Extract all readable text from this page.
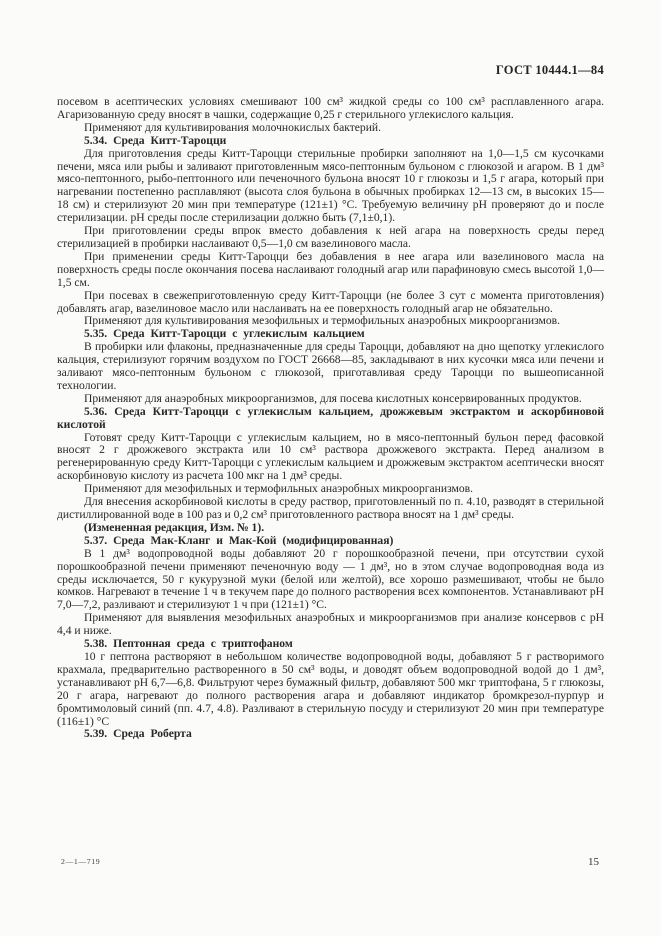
ГОСТ 10444.1—84

посевом в асептических условиях смешивают 100 см³ жидкой среды со 100 см³ расплавленного агара. Агаризованную среду вносят в чашки, содержащие 0,25 г стерильного углекислого кальция.

Применяют для культивирования молочнокислых бактерий.

5.34. Среда Китт-Тароцци

Для приготовления среды Китт-Тароцци стерильные пробирки заполняют на 1,0—1,5 см кусочками печени, мяса или рыбы и заливают приготовленным мясо-пептонным бульоном с глюкозой и агаром. В 1 дм³ мясо-пептонного, рыбо-пептонного или печеночного бульона вносят 10 г глюкозы и 1,5 г агара, который при нагревании постепенно расплавляют (высота слоя бульона в обычных пробирках 12—13 см, в высоких 15—18 см) и стерилизуют 20 мин при температуре (121±1) °С. Требуемую величину pH проверяют до и после стерилизации. pH среды после стерилизации должно быть (7,1±0,1).

При приготовлении среды впрок вместо добавления к ней агара на поверхность среды перед стерилизацией в пробирки наслаивают 0,5—1,0 см вазелинового масла.

При применении среды Китт-Тароцци без добавления в нее агара или вазелинового масла на поверхность среды после окончания посева наслаивают голодный агар или парафиновую смесь высотой 1,0—1,5 см.

При посевах в свежеприготовленную среду Китт-Тароцци (не более 3 сут с момента приготовления) добавлять агар, вазелиновое масло или наслаивать на ее поверхность голодный агар не обязательно.

Применяют для культивирования мезофильных и термофильных анаэробных микроорганизмов.

5.35. Среда Китт-Тароцци с углекислым кальцием

В пробирки или флаконы, предназначенные для среды Тароцци, добавляют на дно щепотку углекислого кальция, стерилизуют горячим воздухом по ГОСТ 26668—85, закладывают в них кусочки мяса или печени и заливают мясо-пептонным бульоном с глюкозой, приготавливая среду Тароцци по вышеописанной технологии.

Применяют для анаэробных микроорганизмов, для посева кислотных консервированных продуктов.

5.36. Среда Китт-Тароцци с углекислым кальцием, дрожжевым экстрактом и аскорбиновой кислотой

Готовят среду Китт-Тароцци с углекислым кальцием, но в мясо-пептонный бульон перед фасовкой вносят 2 г дрожжевого экстракта или 10 см³ раствора дрожжевого экстракта. Перед анализом в регенерированную среду Китт-Тароцци с углекислым кальцием и дрожжевым экстрактом асептически вносят аскорбиновую кислоту из расчета 100 мкг на 1 дм³ среды.

Применяют для мезофильных и термофильных анаэробных микроорганизмов.

Для внесения аскорбиновой кислоты в среду раствор, приготовленный по п. 4.10, разводят в стерильной дистиллированной воде в 100 раз и 0,2 см³ приготовленного раствора вносят на 1 дм³ среды.

(Измененная редакция, Изм. № 1).

5.37. Среда Мак-Кланг и Мак-Кой (модифицированная)

В 1 дм³ водопроводной воды добавляют 20 г порошкообразной печени, при отсутствии сухой порошкообразной печени применяют печеночную воду — 1 дм³, но в этом случае водопроводная вода из среды исключается, 50 г кукурузной муки (белой или желтой), все хорошо размешивают, чтобы не было комков. Нагревают в течение 1 ч в текучем паре до полного растворения всех компонентов. Устанавливают pH 7,0—7,2, разливают и стерилизуют 1 ч при (121±1) °С.

Применяют для выявления мезофильных анаэробных и микроорганизмов при анализе консервов с pH 4,4 и ниже.

5.38. Пептонная среда с триптофаном

10 г пептона растворяют в небольшом количестве водопроводной воды, добавляют 5 г растворимого крахмала, предварительно растворенного в 50 см³ воды, и доводят объем водопроводной водой до 1 дм³, устанавливают pH 6,7—6,8. Фильтруют через бумажный фильтр, добавляют 500 мкг триптофана, 5 г глюкозы, 20 г агара, нагревают до полного растворения агара и добавляют индикатор бромкрезол-пурпур и бромтимоловый синий (пп. 4.7, 4.8). Разливают в стерильную посуду и стерилизуют 20 мин при температуре (116±1) °С

5.39. Среда Роберта

2—1—719	15
